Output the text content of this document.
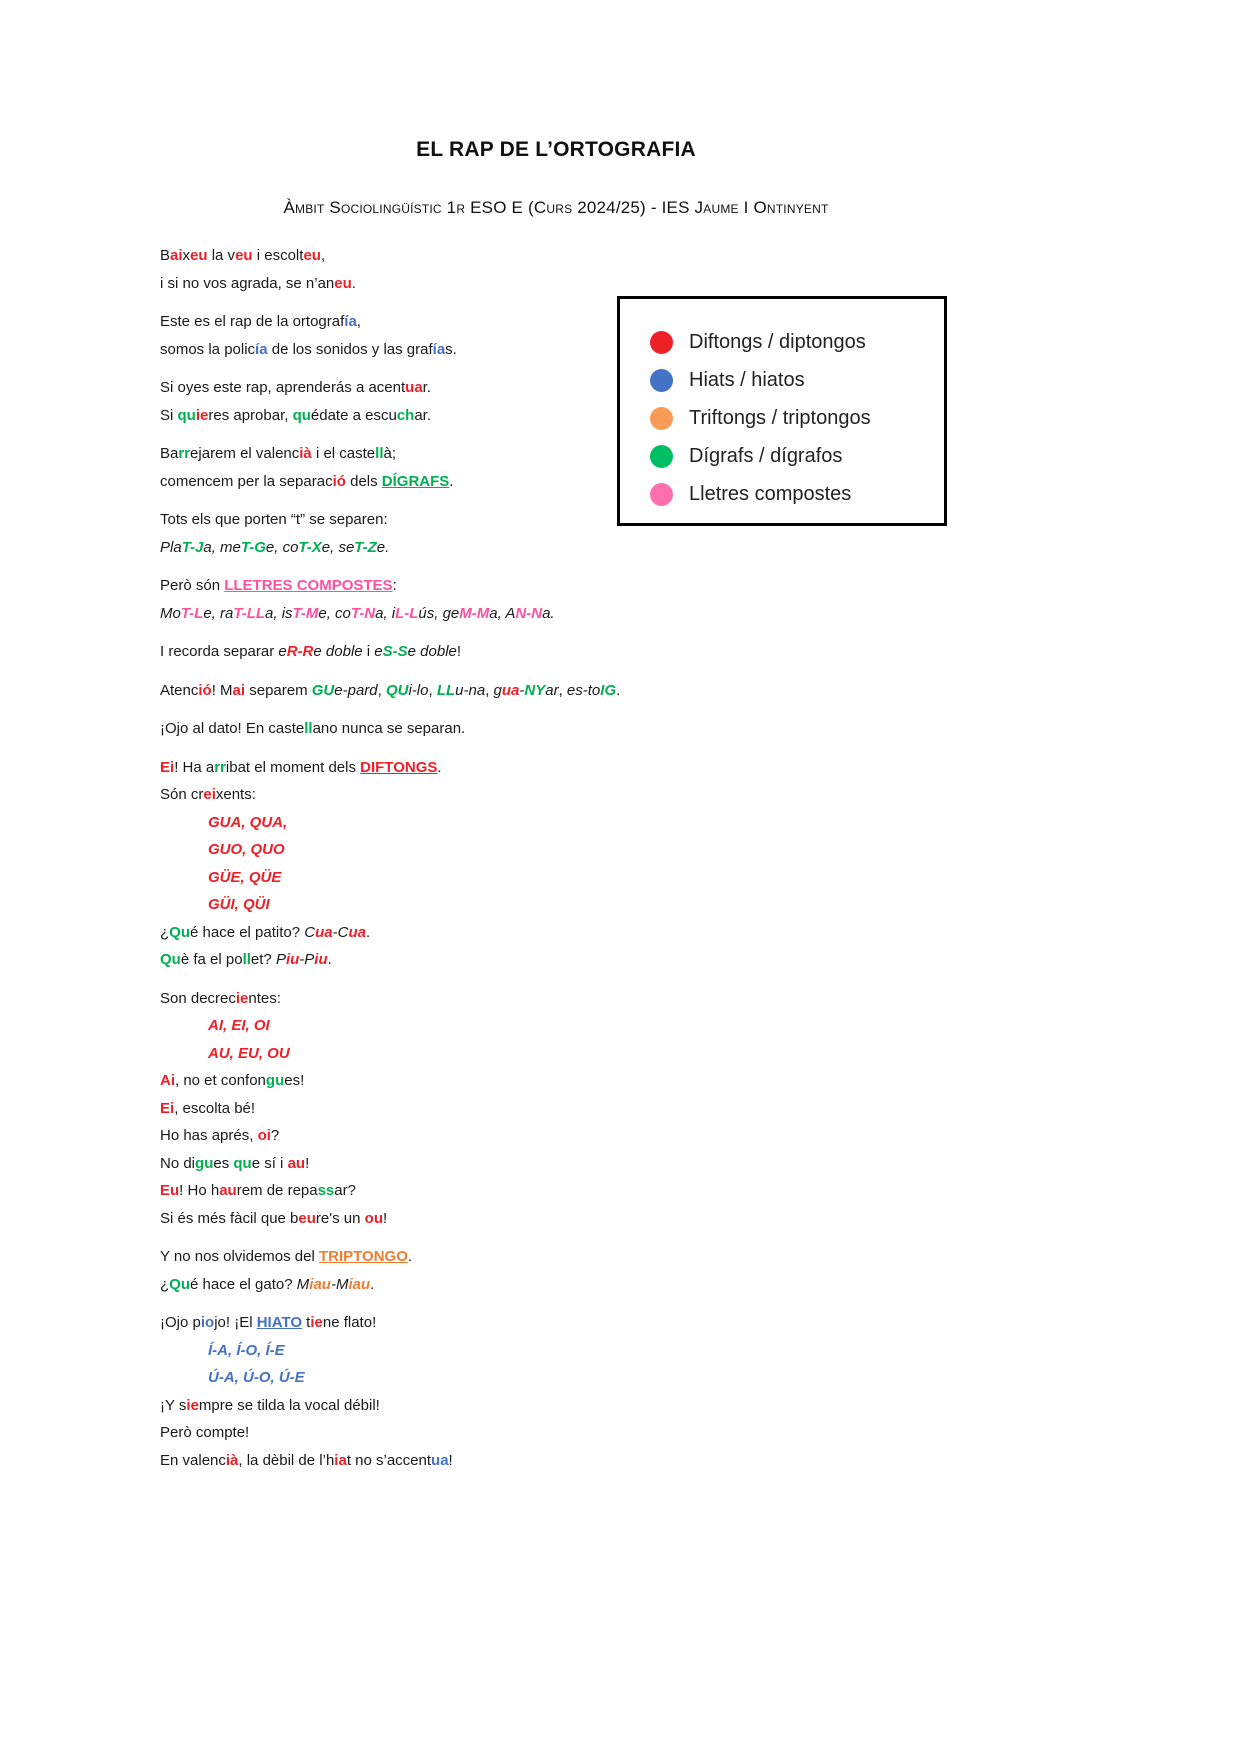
EL RAP DE L’ORTOGRAFIA
Àmbit Sociolingüístic 1r ESO E (Curs 2024/25) - IES Jaume I Ontinyent
Baixeu la veu i escolteu,
i si no vos agrada, se n’aneu.
Este es el rap de la ortografía,
somos la policía de los sonidos y las grafías.
Si oyes este rap, aprenderás a acentuar.
Si quieres aprobar, quédate a escuchar.
Barrejarem el valencià i el castellà;
comencem per la separació dels DÍGRAFS.
Tots els que porten “t” se separen:
PlaT-Ja, meT-Ge, coT-Xe, seT-Ze.
Però són LLETRES COMPOSTES:
MoT-Le, raT-LLa, isT-Me, coT-Na, iL-Lús, geM-Ma, AN-Na.
I recorda separar eR-Re doble i eS-Se doble!
Atenció! Mai separem GUe-pard, QUi-lo, LLu-na, gua-NYar, es-toIG.
¡Ojo al dato! En castellano nunca se separan.
Ei! Ha arribat el moment dels DIFTONGS.
Són creixents:
GUA, QUA,
GUO, QUO
GÜE, QÜE
GÜI, QÜI
¿Qué hace el patito? Cua-Cua.
Què fa el pollet? Piu-Piu.
Son decrecientes:
AI, EI, OI
AU, EU, OU
Ai, no et confongues!
Ei, escolta bé!
Ho has aprés, oi?
No digues que sí i au!
Eu! Ho haurem de repassar?
Si és més fàcil que beure's un ou!
Y no nos olvidemos del TRIPTONGO.
¿Qué hace el gato? Miau-Miau.
¡Ojo piojo! ¡El HIATO tiene flato!
Í-A, Í-O, Í-E
Ú-A, Ú-O, Ú-E
¡Y siempre se tilda la vocal débil!
Però compte!
En valencià, la dèbil de l’hiat no s’accentua!
Diftongs / diptongos
Hiats / hiatos
Triftongs / triptongos
Dígrafs / dígrafos
Lletres compostes
